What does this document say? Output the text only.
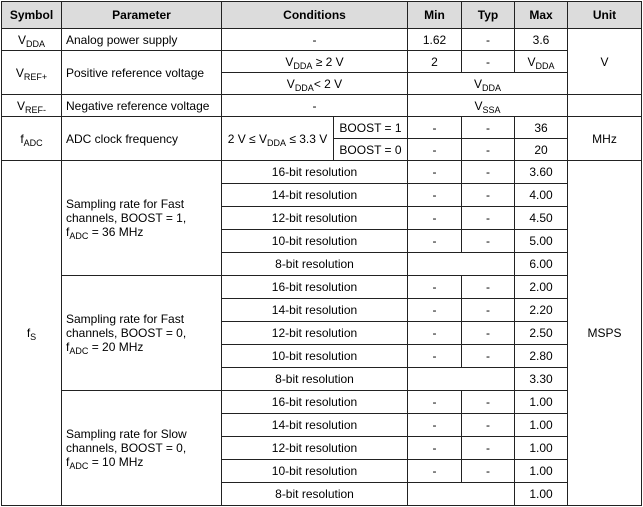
Symbol	Parameter	Conditions		Min	Typ	Max	Unit
$V_{DDA}$	Analog power supply	-		1.62	-	3.6	V
$V_{REF+}$	Positive reference voltage	$V_{DDA} \ge 2$ V		2	-	$V_{DDA}$
		$V_{DDA}< 2$ V		$V_{DDA}$
$V_{REF-}$	Negative reference voltage	-		$V_{SSA}$	
$f_{ADC}$	ADC clock frequency	2 $V \le V_{DDA} \le 3.3$ V	BOOST = 1	-	-	36	MHz
			BOOST = 0	-	-	20	
$f_S$	Sampling rate for Fast
channels, BOOST = 1,
$f_{ADC} = 36$ MHz	16-bit resolution		-	-	3.60	MSPS
		14-bit resolution		-	-	4.00	
		12-bit resolution		-	-	4.50	
		10-bit resolution		-	-	5.00	
		8-bit resolution				6.00	
	Sampling rate for Fast
channels, BOOST = 0,
$f_{ADC} = 20$ MHz	16-bit resolution		-	-	2.00	
		14-bit resolution		-	-	2.20	
		12-bit resolution		-	-	2.50	
		10-bit resolution		-	-	2.80	
		8-bit resolution				3.30	
	Sampling rate for Slow
channels, BOOST = 0,
$f_{ADC} = 10$ MHz	16-bit resolution		-	-	1.00	
		14-bit resolution		-	-	1.00	
		12-bit resolution		-	-	1.00	
		10-bit resolution		-	-	1.00	
		8-bit resolution				1.00	
